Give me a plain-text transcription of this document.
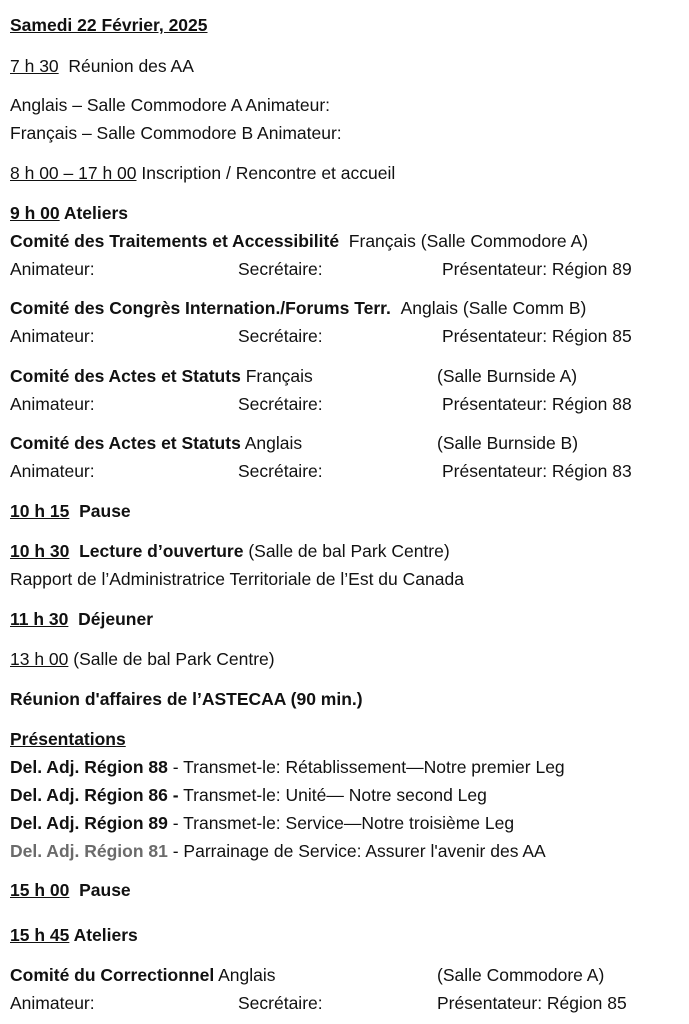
Samedi 22 Février, 2025
7 h 30 Réunion des AA
Anglais – Salle Commodore A Animateur:
Français – Salle Commodore B Animateur:
8 h 00 – 17 h 00 Inscription / Rencontre et accueil
9 h 00 Ateliers
Comité des Traitements et Accessibilité Français (Salle Commodore A)
Animateur:	Secrétaire:	Présentateur: Région 89
Comité des Congrès Internation./Forums Terr. Anglais (Salle Comm B)
Animateur:	Secrétaire:	Présentateur: Région 85
Comité des Actes et Statuts Français	(Salle Burnside A)
Animateur:	Secrétaire:	Présentateur: Région 88
Comité des Actes et Statuts Anglais	(Salle Burnside B)
Animateur:	Secrétaire:	Présentateur: Région 83
10 h 15 Pause
10 h 30 Lecture d’ouverture (Salle de bal Park Centre)
Rapport de l’Administratrice Territoriale de l’Est du Canada
11 h 30 Déjeuner
13 h 00 (Salle de bal Park Centre)
Réunion d'affaires de l’ASTECAA (90 min.)
Présentations
Del. Adj. Région 88 - Transmet-le: Rétablissement—Notre premier Leg
Del. Adj. Région 86 - Transmet-le: Unité— Notre second Leg
Del. Adj. Région 89 - Transmet-le: Service—Notre troisième Leg
Del. Adj. Région 81 - Parrainage de Service: Assurer l'avenir des AA
15 h 00 Pause
15 h 45 Ateliers
Comité du Correctionnel Anglais	(Salle Commodore A)
Animateur:	Secrétaire:	Présentateur: Région 85
